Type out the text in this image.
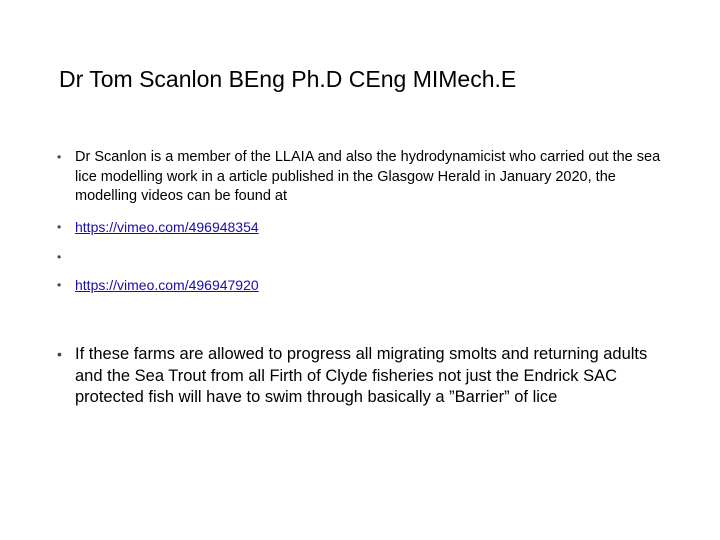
Dr Tom Scanlon BEng Ph.D CEng MIMech.E
• Dr Scanlon is a member of the LLAIA and also the hydrodynamicist who carried out the sea lice modelling work in a article published in the Glasgow Herald in January 2020, the modelling videos can be found at
• https://vimeo.com/496948354
•
• https://vimeo.com/496947920
• If these farms are allowed to progress all migrating smolts and returning adults and the Sea Trout from all Firth of Clyde fisheries not just the Endrick SAC protected fish will have to swim through basically a ”Barrier” of lice
